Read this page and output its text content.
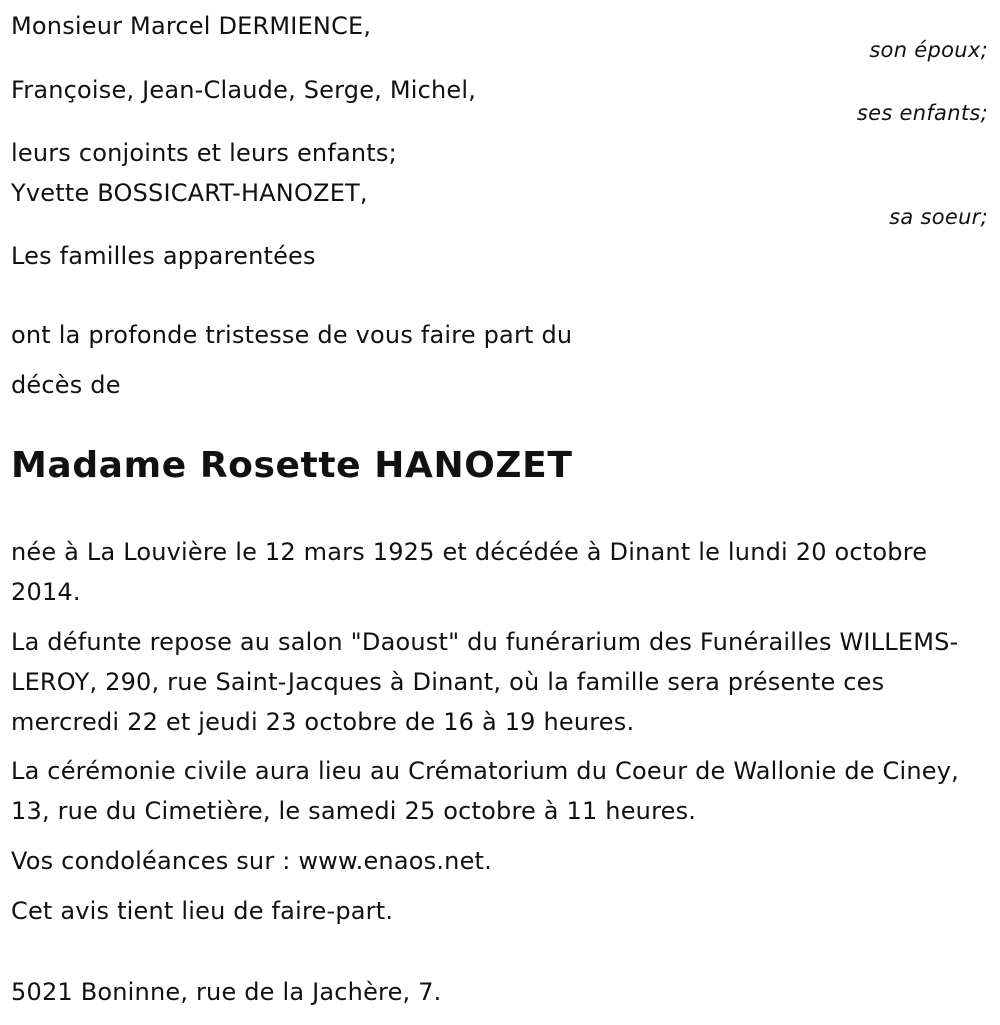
Monsieur Marcel DERMIENCE,
son époux;
Françoise, Jean-Claude, Serge, Michel,
ses enfants;
leurs conjoints et leurs enfants;
Yvette BOSSICART-HANOZET,
sa soeur;
Les familles apparentées
ont la profonde tristesse de vous faire part du
décès de
Madame Rosette HANOZET
née à La Louvière le 12 mars 1925 et décédée à Dinant le lundi 20 octobre 2014.
La défunte repose au salon "Daoust" du funérarium des Funérailles WILLEMS-LEROY, 290, rue Saint-Jacques à Dinant, où la famille sera présente ces mercredi 22 et jeudi 23 octobre de 16 à 19 heures.
La cérémonie civile aura lieu au Crématorium du Coeur de Wallonie de Ciney, 13, rue du Cimetière, le samedi 25 octobre à 11 heures.
Vos condoléances sur : www.enaos.net.
Cet avis tient lieu de faire-part.
5021 Boninne, rue de la Jachère, 7.
